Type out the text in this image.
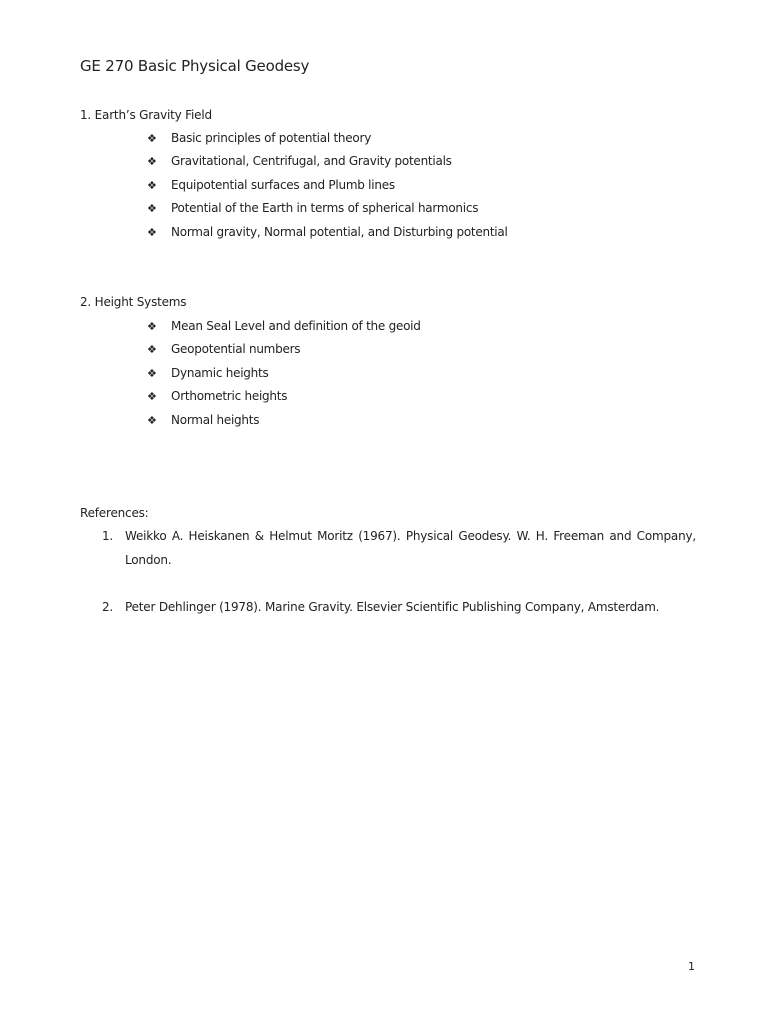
GE 270 Basic Physical Geodesy
1. Earth’s Gravity Field
❖	Basic principles of potential theory
❖	Gravitational, Centrifugal, and Gravity potentials
❖	Equipotential surfaces and Plumb lines
❖	Potential of the Earth in terms of spherical harmonics
❖	Normal gravity, Normal potential, and Disturbing potential
2. Height Systems
❖	Mean Seal Level and definition of the geoid
❖	Geopotential numbers
❖	Dynamic heights
❖	Orthometric heights
❖	Normal heights
References:
1. Weikko A. Heiskanen & Helmut Moritz (1967). Physical Geodesy. W. H. Freeman and Company, London.
2. Peter Dehlinger (1978). Marine Gravity. Elsevier Scientific Publishing Company, Amsterdam.
1
